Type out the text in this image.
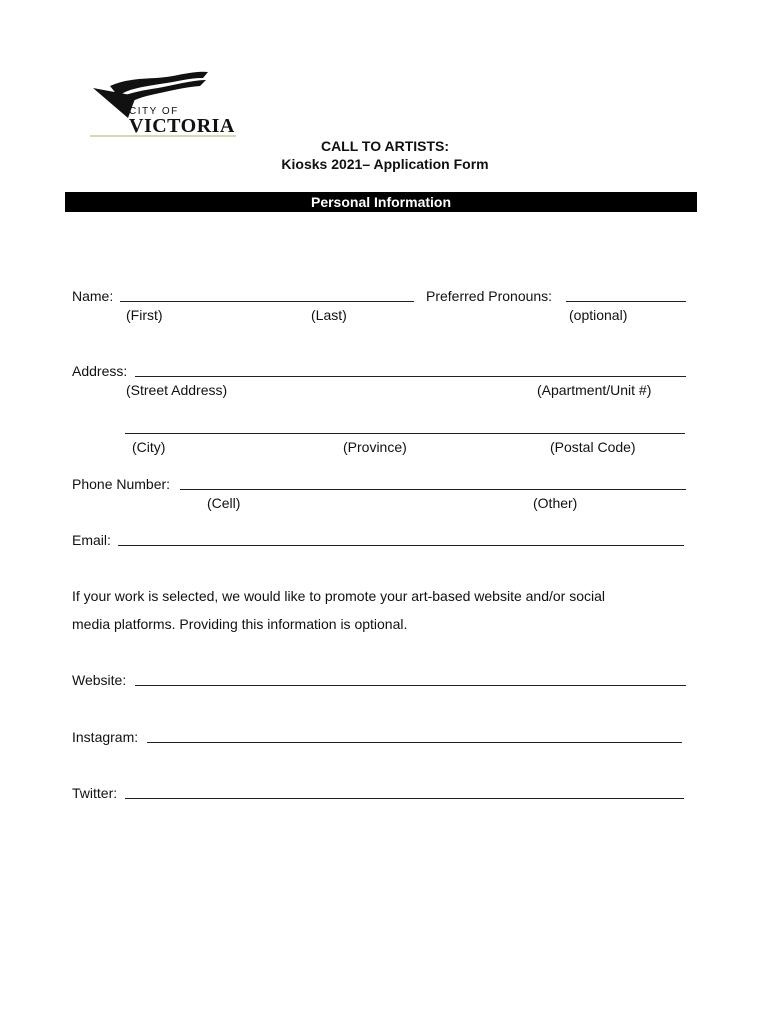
CITY OF
VICTORIA
CALL TO ARTISTS:
Kiosks 2021– Application Form
Personal Information
Name:	Preferred Pronouns:
(First)	(Last)	(optional)
Address:
(Street Address)	(Apartment/Unit #)
(City)	(Province)	(Postal Code)
Phone Number:
(Cell)	(Other)
Email:
If your work is selected, we would like to promote your art-based website and/or social
media platforms. Providing this information is optional.
Website:
Instagram:
Twitter:
